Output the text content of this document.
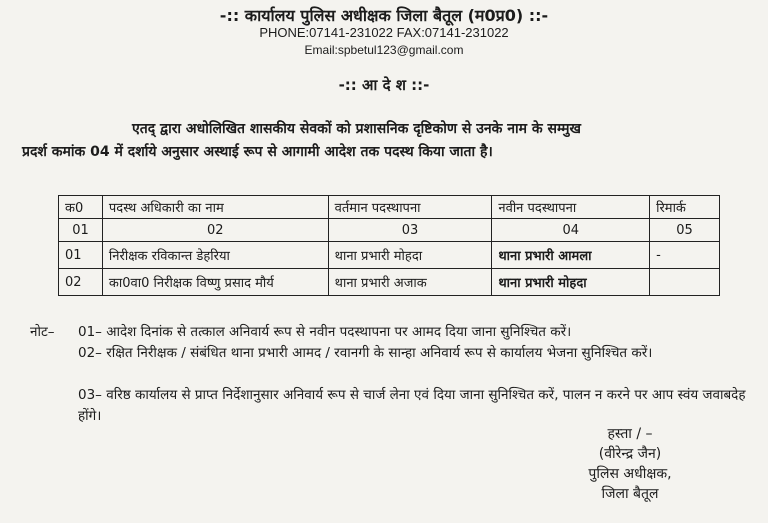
-:: कार्यालय पुलिस अधीक्षक जिला बैतूल (म0प्र0) ::-
PHONE:07141-231022 FAX:07141-231022
Email:spbetul123@gmail.com
-:: आ दे श ::-
एतद् द्वारा अधोलिखित शासकीय सेवकों को प्रशासनिक दृष्टिकोण से उनके नाम के सम्मुख
प्रदर्श कमांक 04 में दर्शाये अनुसार अस्थाई रूप से आगामी आदेश तक पदस्थ किया जाता है।
क0	पदस्थ अधिकारी का नाम	वर्तमान पदस्थापना	नवीन पदस्थापना	रिमार्क
01	02	03	04	05
01	निरीक्षक रविकान्त डेहरिया	थाना प्रभारी मोहदा	थाना प्रभारी आमला	-
02	का0वा0 निरीक्षक विष्णु प्रसाद मौर्य	थाना प्रभारी अजाक	थाना प्रभारी मोहदा	
नोट– 01– आदेश दिनांक से तत्काल अनिवार्य रूप से नवीन पदस्थापना पर आमद दिया जाना सुनिश्चित करें।
02– रक्षित निरीक्षक / संबंधित थाना प्रभारी आमद / रवानगी के सान्हा अनिवार्य रूप से कार्यालय भेजना सुनिश्चित करें।
03– वरिष्ठ कार्यालय से प्राप्त निर्देशानुसार अनिवार्य रूप से चार्ज लेना एवं दिया जाना सुनिश्चित करें, पालन न करने पर आप स्वंय जवाबदेह होंगे।
हस्ता / –
(वीरेन्द्र जैन)
पुलिस अधीक्षक,
जिला बैतूल
